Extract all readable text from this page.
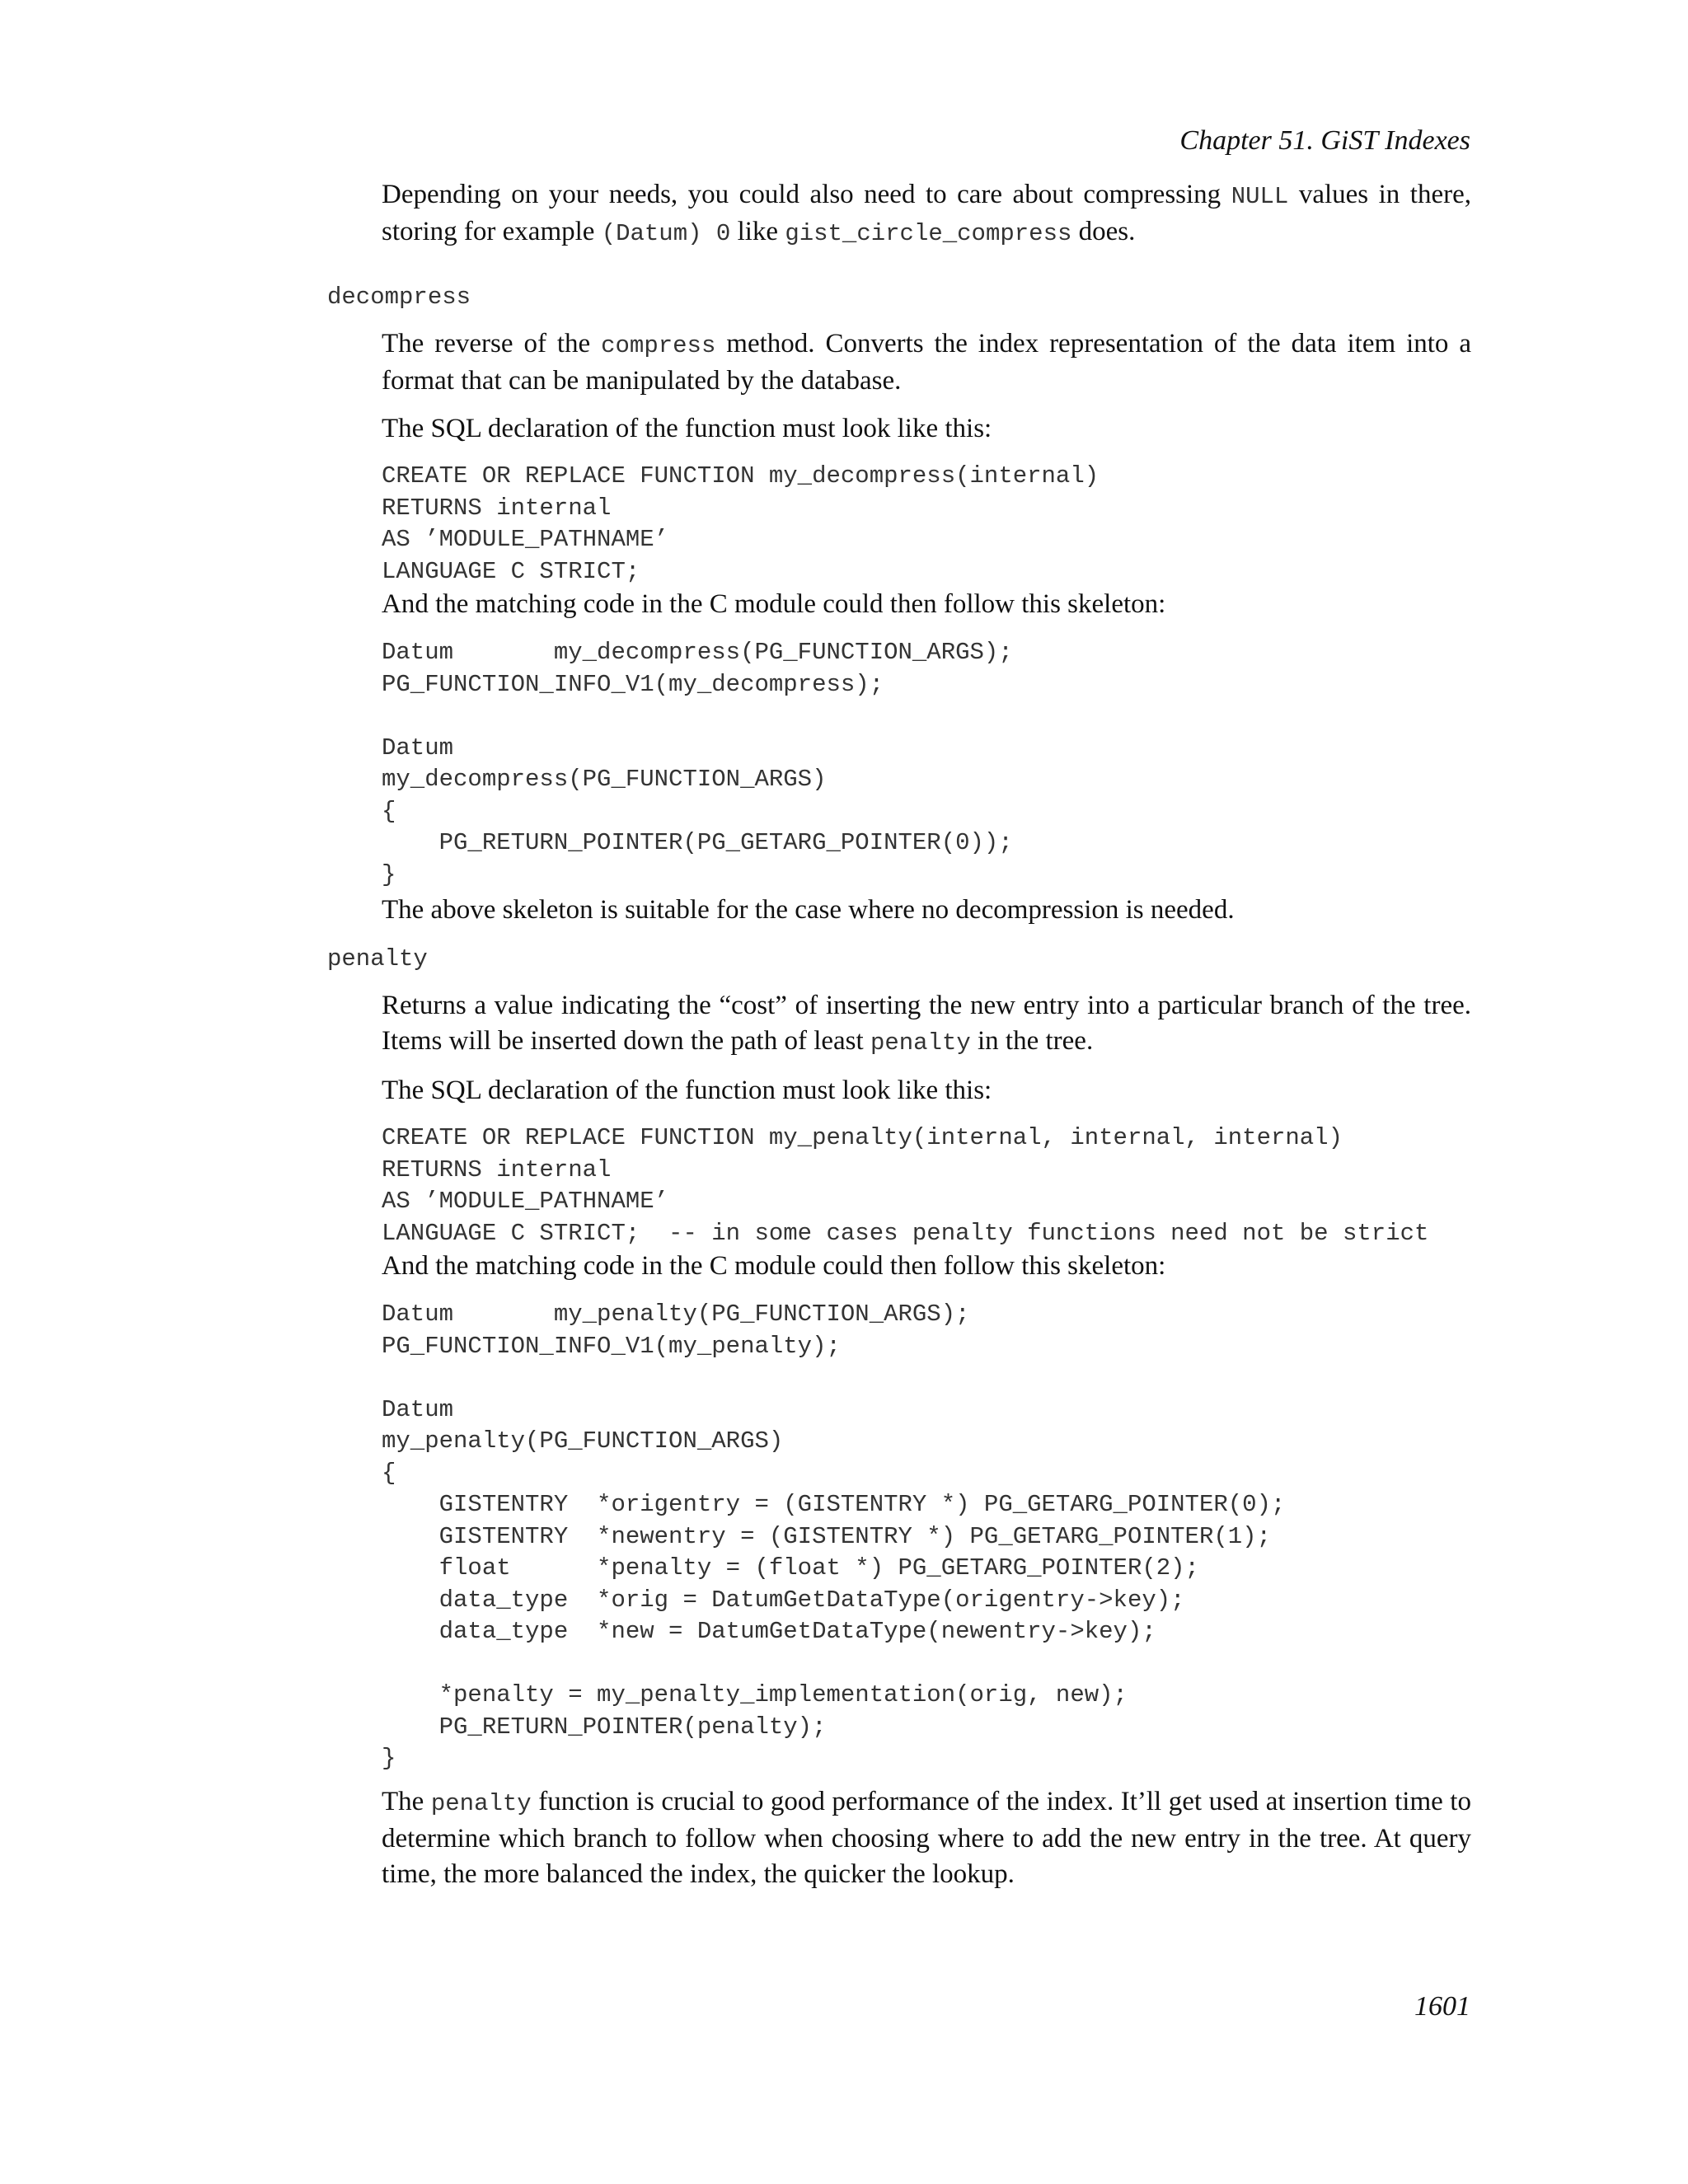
Chapter 51. GiST Indexes

Depending on your needs, you could also need to care about compressing NULL values in there, storing for example (Datum) 0 like gist_circle_compress does.

decompress

The reverse of the compress method. Converts the index representation of the data item into a format that can be manipulated by the database.

The SQL declaration of the function must look like this:

CREATE OR REPLACE FUNCTION my_decompress(internal)
RETURNS internal
AS ’MODULE_PATHNAME’
LANGUAGE C STRICT;

And the matching code in the C module could then follow this skeleton:

Datum       my_decompress(PG_FUNCTION_ARGS);
PG_FUNCTION_INFO_V1(my_decompress);

Datum
my_decompress(PG_FUNCTION_ARGS)
{
PG_RETURN_POINTER(PG_GETARG_POINTER(0));
}

The above skeleton is suitable for the case where no decompression is needed.

penalty

Returns a value indicating the “cost” of inserting the new entry into a particular branch of the tree. Items will be inserted down the path of least penalty in the tree.

The SQL declaration of the function must look like this:

CREATE OR REPLACE FUNCTION my_penalty(internal, internal, internal)
RETURNS internal
AS ’MODULE_PATHNAME’
LANGUAGE C STRICT;  -- in some cases penalty functions need not be strict

And the matching code in the C module could then follow this skeleton:

Datum       my_penalty(PG_FUNCTION_ARGS);
PG_FUNCTION_INFO_V1(my_penalty);

Datum
my_penalty(PG_FUNCTION_ARGS)
{
GISTENTRY  *origentry = (GISTENTRY *) PG_GETARG_POINTER(0);
GISTENTRY  *newentry = (GISTENTRY *) PG_GETARG_POINTER(1);
float      *penalty = (float *) PG_GETARG_POINTER(2);
data_type  *orig = DatumGetDataType(origentry->key);
data_type  *new = DatumGetDataType(newentry->key);

*penalty = my_penalty_implementation(orig, new);
PG_RETURN_POINTER(penalty);
}

The penalty function is crucial to good performance of the index. It’ll get used at insertion time to determine which branch to follow when choosing where to add the new entry in the tree. At query time, the more balanced the index, the quicker the lookup.

1601
